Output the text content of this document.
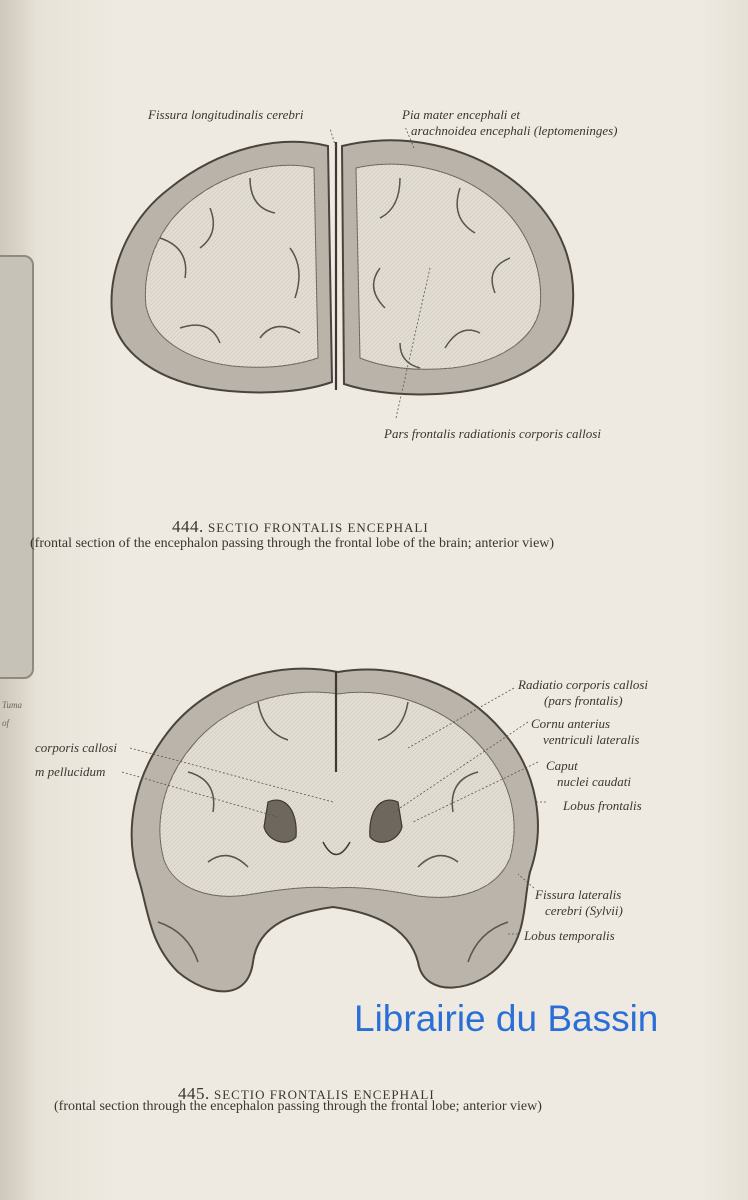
Tuma
of
Fissura longitudinalis cerebri	Pia mater encephali et
arachnoidea encephali (leptomeninges)
Pars frontalis radiationis corporis callosi
444. SECTIO FRONTALIS ENCEPHALI
(frontal section of the encephalon passing through the frontal lobe of the brain; anterior view)
Radiatio corporis callosi
(pars frontalis)
Cornu anterius
ventriculi lateralis
Caput
nuclei caudati
Lobus frontalis
Fissura lateralis
cerebri (Sylvii)
Lobus temporalis
corporis callosi
m pellucidum
Librairie du Bassin
445. SECTIO FRONTALIS ENCEPHALI
(frontal section through the encephalon passing through the frontal lobe; anterior view)
